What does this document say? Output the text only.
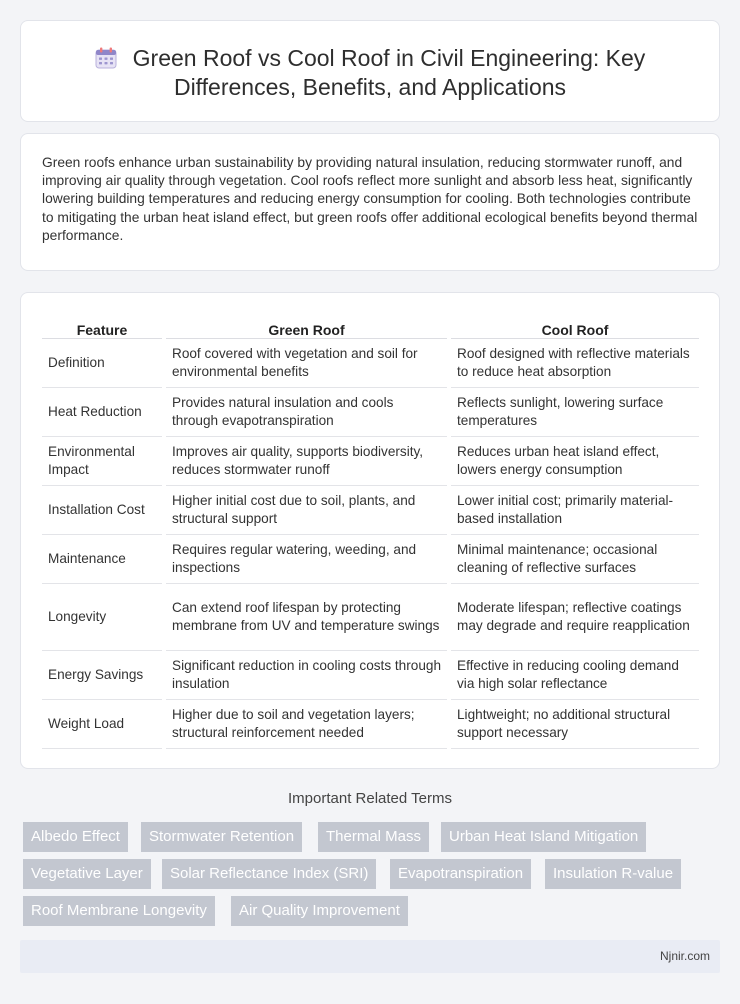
Green Roof vs Cool Roof in Civil Engineering: Key Differences, Benefits, and Applications

Green roofs enhance urban sustainability by providing natural insulation, reducing stormwater runoff, and improving air quality through vegetation. Cool roofs reflect more sunlight and absorb less heat, significantly lowering building temperatures and reducing energy consumption for cooling. Both technologies contribute to mitigating the urban heat island effect, but green roofs offer additional ecological benefits beyond thermal performance.

Feature	Green Roof	Cool Roof
Definition	Roof covered with vegetation and soil for environmental benefits	Roof designed with reflective materials to reduce heat absorption
Heat Reduction	Provides natural insulation and cools through evapotranspiration	Reflects sunlight, lowering surface temperatures
Environmental Impact	Improves air quality, supports biodiversity, reduces stormwater runoff	Reduces urban heat island effect, lowers energy consumption
Installation Cost	Higher initial cost due to soil, plants, and structural support	Lower initial cost; primarily material-based installation
Maintenance	Requires regular watering, weeding, and inspections	Minimal maintenance; occasional cleaning of reflective surfaces
Longevity	Can extend roof lifespan by protecting membrane from UV and temperature swings	Moderate lifespan; reflective coatings may degrade and require reapplication
Energy Savings	Significant reduction in cooling costs through insulation	Effective in reducing cooling demand via high solar reflectance
Weight Load	Higher due to soil and vegetation layers; structural reinforcement needed	Lightweight; no additional structural support necessary
Important Related Terms
Albedo Effect	Stormwater Retention	Thermal Mass	Urban Heat Island Mitigation
Vegetative Layer	Solar Reflectance Index (SRI)	Evapotranspiration	Insulation R-value
Roof Membrane Longevity	Air Quality Improvement
Njnir.com
